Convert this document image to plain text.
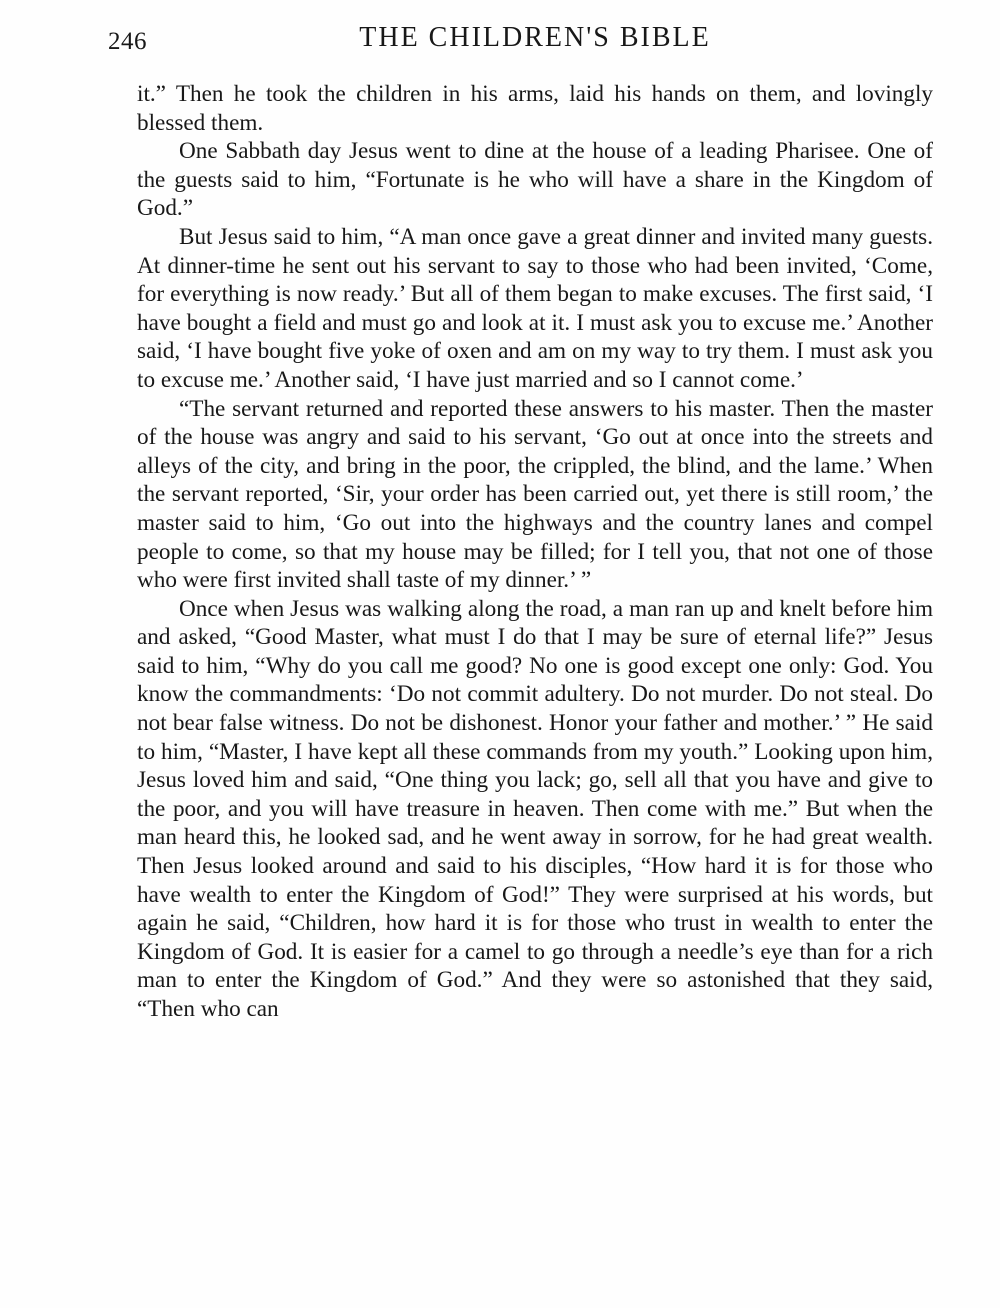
246	THE CHILDREN'S BIBLE

it.” Then he took the children in his arms, laid his hands on them, and lovingly blessed them.

One Sabbath day Jesus went to dine at the house of a leading Pharisee. One of the guests said to him, “Fortunate is he who will have a share in the Kingdom of God.”

But Jesus said to him, “A man once gave a great dinner and invited many guests. At dinner-time he sent out his servant to say to those who had been invited, ‘Come, for everything is now ready.’ But all of them began to make excuses. The first said, ‘I have bought a field and must go and look at it. I must ask you to excuse me.’ Another said, ‘I have bought five yoke of oxen and am on my way to try them. I must ask you to excuse me.’ Another said, ‘I have just married and so I cannot come.’

“The servant returned and reported these answers to his master. Then the master of the house was angry and said to his servant, ‘Go out at once into the streets and alleys of the city, and bring in the poor, the crippled, the blind, and the lame.’ When the servant reported, ‘Sir, your order has been carried out, yet there is still room,’ the master said to him, ‘Go out into the highways and the country lanes and compel people to come, so that my house may be filled; for I tell you, that not one of those who were first invited shall taste of my dinner.’ ”

Once when Jesus was walking along the road, a man ran up and knelt before him and asked, “Good Master, what must I do that I may be sure of eternal life?” Jesus said to him, “Why do you call me good? No one is good except one only: God. You know the commandments: ‘Do not commit adultery. Do not murder. Do not steal. Do not bear false witness. Do not be dishonest. Honor your father and mother.’ ” He said to him, “Master, I have kept all these commands from my youth.” Looking upon him, Jesus loved him and said, “One thing you lack; go, sell all that you have and give to the poor, and you will have treasure in heaven. Then come with me.” But when the man heard this, he looked sad, and he went away in sorrow, for he had great wealth. Then Jesus looked around and said to his disciples, “How hard it is for those who have wealth to enter the Kingdom of God!” They were surprised at his words, but again he said, “Children, how hard it is for those who trust in wealth to enter the Kingdom of God. It is easier for a camel to go through a needle’s eye than for a rich man to enter the Kingdom of God.” And they were so astonished that they said, “Then who can
